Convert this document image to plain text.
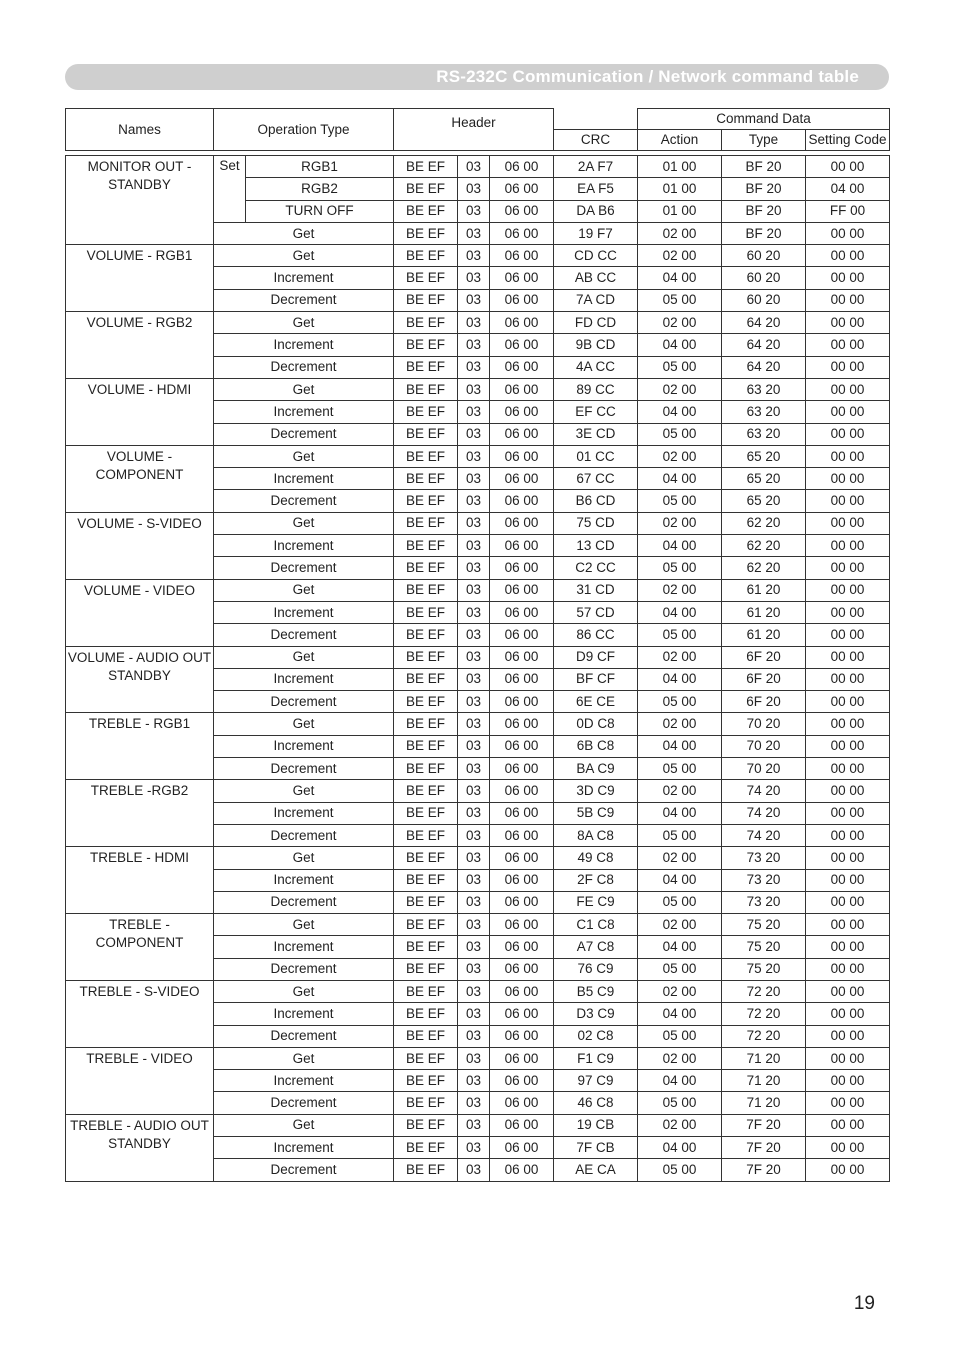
RS-232C Communication / Network command table
Names	Operation Type		Header				Command Data		
						CRC	Action	Type	Setting Code

MONITOR OUT - STANDBY	Set	RGB1	BE EF	03	06 00	2A F7	01 00	BF 20	00 00
		RGB2	BE EF	03	06 00	EA F5	01 00	BF 20	04 00
		TURN OFF	BE EF	03	06 00	DA B6	01 00	BF 20	FF 00
	Get		BE EF	03	06 00	19 F7	02 00	BF 20	00 00
VOLUME - RGB1	Get		BE EF	03	06 00	CD CC	02 00	60 20	00 00
	Increment		BE EF	03	06 00	AB CC	04 00	60 20	00 00
	Decrement		BE EF	03	06 00	7A CD	05 00	60 20	00 00
VOLUME - RGB2	Get		BE EF	03	06 00	FD CD	02 00	64 20	00 00
	Increment		BE EF	03	06 00	9B CD	04 00	64 20	00 00
	Decrement		BE EF	03	06 00	4A CC	05 00	64 20	00 00
VOLUME - HDMI	Get		BE EF	03	06 00	89 CC	02 00	63 20	00 00
	Increment		BE EF	03	06 00	EF CC	04 00	63 20	00 00
	Decrement		BE EF	03	06 00	3E CD	05 00	63 20	00 00
VOLUME - COMPONENT	Get		BE EF	03	06 00	01 CC	02 00	65 20	00 00
	Increment		BE EF	03	06 00	67 CC	04 00	65 20	00 00
	Decrement		BE EF	03	06 00	B6 CD	05 00	65 20	00 00
VOLUME - S-VIDEO	Get		BE EF	03	06 00	75 CD	02 00	62 20	00 00
	Increment		BE EF	03	06 00	13 CD	04 00	62 20	00 00
	Decrement		BE EF	03	06 00	C2 CC	05 00	62 20	00 00
VOLUME - VIDEO	Get		BE EF	03	06 00	31 CD	02 00	61 20	00 00
	Increment		BE EF	03	06 00	57 CD	04 00	61 20	00 00
	Decrement		BE EF	03	06 00	86 CC	05 00	61 20	00 00
VOLUME - AUDIO OUT STANDBY	Get		BE EF	03	06 00	D9 CF	02 00	6F 20	00 00
	Increment		BE EF	03	06 00	BF CF	04 00	6F 20	00 00
	Decrement		BE EF	03	06 00	6E CE	05 00	6F 20	00 00
TREBLE - RGB1	Get		BE EF	03	06 00	0D C8	02 00	70 20	00 00
	Increment		BE EF	03	06 00	6B C8	04 00	70 20	00 00
	Decrement		BE EF	03	06 00	BA C9	05 00	70 20	00 00
TREBLE -RGB2	Get		BE EF	03	06 00	3D C9	02 00	74 20	00 00
	Increment		BE EF	03	06 00	5B C9	04 00	74 20	00 00
	Decrement		BE EF	03	06 00	8A C8	05 00	74 20	00 00
TREBLE - HDMI	Get		BE EF	03	06 00	49 C8	02 00	73 20	00 00
	Increment		BE EF	03	06 00	2F C8	04 00	73 20	00 00
	Decrement		BE EF	03	06 00	FE C9	05 00	73 20	00 00
TREBLE - COMPONENT	Get		BE EF	03	06 00	C1 C8	02 00	75 20	00 00
	Increment		BE EF	03	06 00	A7 C8	04 00	75 20	00 00
	Decrement		BE EF	03	06 00	76 C9	05 00	75 20	00 00
TREBLE - S-VIDEO	Get		BE EF	03	06 00	B5 C9	02 00	72 20	00 00
	Increment		BE EF	03	06 00	D3 C9	04 00	72 20	00 00
	Decrement		BE EF	03	06 00	02 C8	05 00	72 20	00 00
TREBLE - VIDEO	Get		BE EF	03	06 00	F1 C9	02 00	71 20	00 00
	Increment		BE EF	03	06 00	97 C9	04 00	71 20	00 00
	Decrement		BE EF	03	06 00	46 C8	05 00	71 20	00 00
TREBLE - AUDIO OUT STANDBY	Get		BE EF	03	06 00	19 CB	02 00	7F 20	00 00
	Increment		BE EF	03	06 00	7F CB	04 00	7F 20	00 00
	Decrement		BE EF	03	06 00	AE CA	05 00	7F 20	00 00
19
